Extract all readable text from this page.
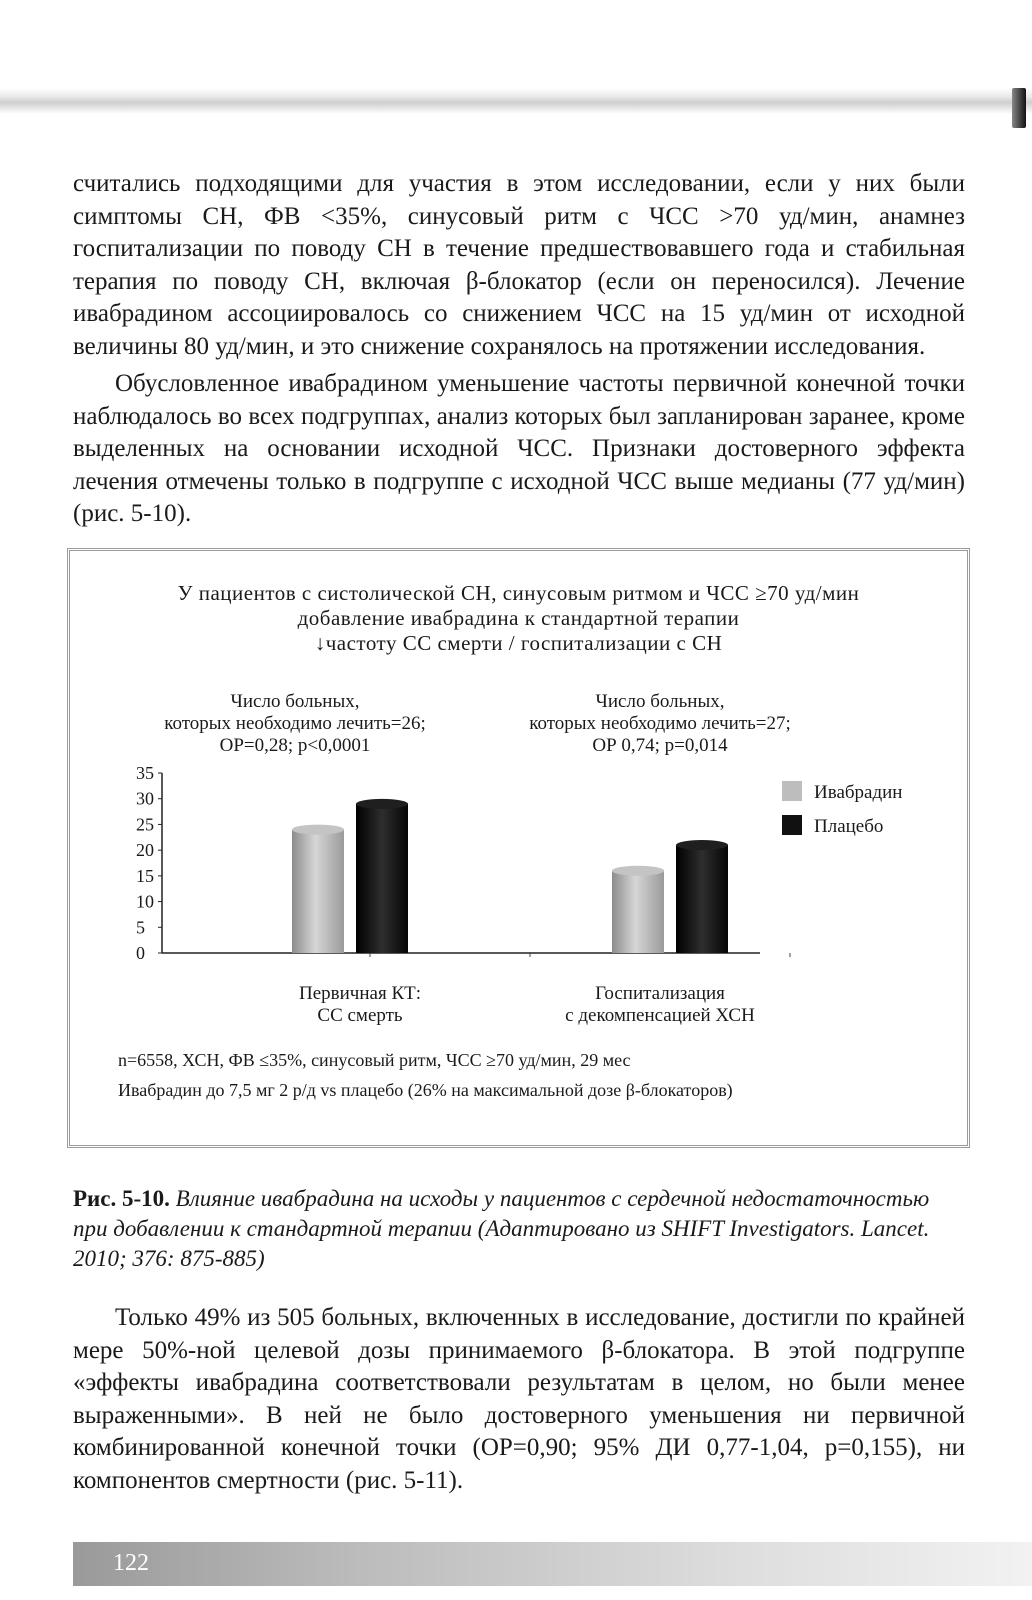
считались подходящими для участия в этом исследовании, если у них были симптомы СН, ФВ <35%, синусовый ритм с ЧСС >70 уд/мин, анамнез госпитализации по поводу СН в течение предшествовавшего года и стабильная терапия по поводу СН, включая β-блокатор (если он переносился). Лечение ивабрадином ассоциировалось со снижением ЧСС на 15 уд/мин от исходной величины 80 уд/мин, и это снижение сохранялось на протяжении исследования.

Обусловленное ивабрадином уменьшение частоты первичной конечной точки наблюдалось во всех подгруппах, анализ которых был запланирован заранее, кроме выделенных на основании исходной ЧСС. Признаки достоверного эффекта лечения отмечены только в подгруппе с исходной ЧСС выше медианы (77 уд/мин) (рис. 5-10).

У пациентов с систолической СН, синусовым ритмом и ЧСС ≥70 уд/мин
добавление ивабрадина к стандартной терапии
↓частоту СС смерти / госпитализации с СН
Число больных,
которых необходимо лечить=26;
ОР=0,28; р<0,0001
Число больных,
которых необходимо лечить=27;
ОР 0,74; р=0,014
0
5
10
15
20
25
30
35
Ивабрадин
Плацебо
Первичная КТ:
СС смерть
Госпитализация
с декомпенсацией ХСН
n=6558, ХСН, ФВ ≤35%, синусовый ритм, ЧСС ≥70 уд/мин, 29 мес
Ивабрадин до 7,5 мг 2 р/д vs плацебо (26% на максимальной дозе β-блокаторов)
Рис. 5-10. Влияние ивабрадина на исходы у пациентов с сердечной недостаточностью при добавлении к стандартной терапии (Адаптировано из SHIFT Investigators. Lancet. 2010; 376: 875-885)

Только 49% из 505 больных, включенных в исследование, достигли по крайней мере 50%-ной целевой дозы принимаемого β-блокатора. В этой подгруппе «эффекты ивабрадина соответствовали результатам в целом, но были менее выраженными». В ней не было достоверного уменьшения ни первичной комбинированной конечной точки (ОР=0,90; 95% ДИ 0,77-1,04, р=0,155), ни компонентов смертности (рис. 5-11).

122
